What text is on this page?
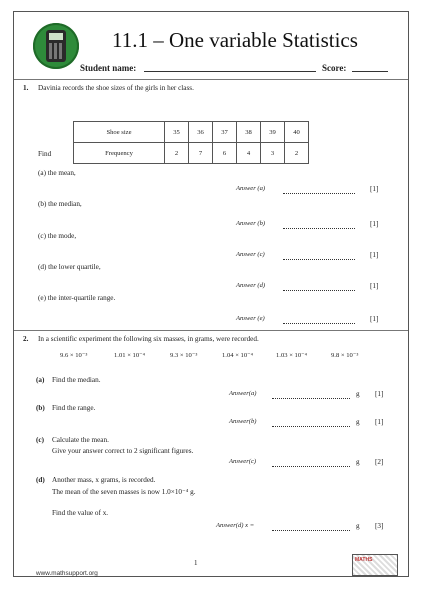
11.1 – One variable Statistics
Student name:	Score:
1. Davinia records the shoe sizes of the girls in her class.
Shoe size	35	36	37	38	39	40
Frequency	2	7	6	4	3	2
Find
(a) the mean,
Answer (a)	[1]
(b) the median,
Answer (b)	[1]
(c) the mode,
Answer (c)	[1]
(d) the lower quartile,
Answer (d)	[1]
(e) the inter-quartile range.
Answer (e)	[1]
2. In a scientific experiment the following six masses, in grams, were recorded.
9.6 × 10⁻³	1.01 × 10⁻⁴	9.3 × 10⁻³	1.04 × 10⁻⁴	1.03 × 10⁻⁴	9.8 × 10⁻³
(a) Find the median.
Answer(a)	g [1]
(b) Find the range.
Answer(b)	g [1]
(c) Calculate the mean.
Give your answer correct to 2 significant figures.
Answer(c)	g [2]
(d) Another mass, x grams, is recorded.
The mean of the seven masses is now 1.0×10⁻⁴ g.
Find the value of x.
Answer(d) x =	g [3]
1
www.mathsupport.org
MATHS
